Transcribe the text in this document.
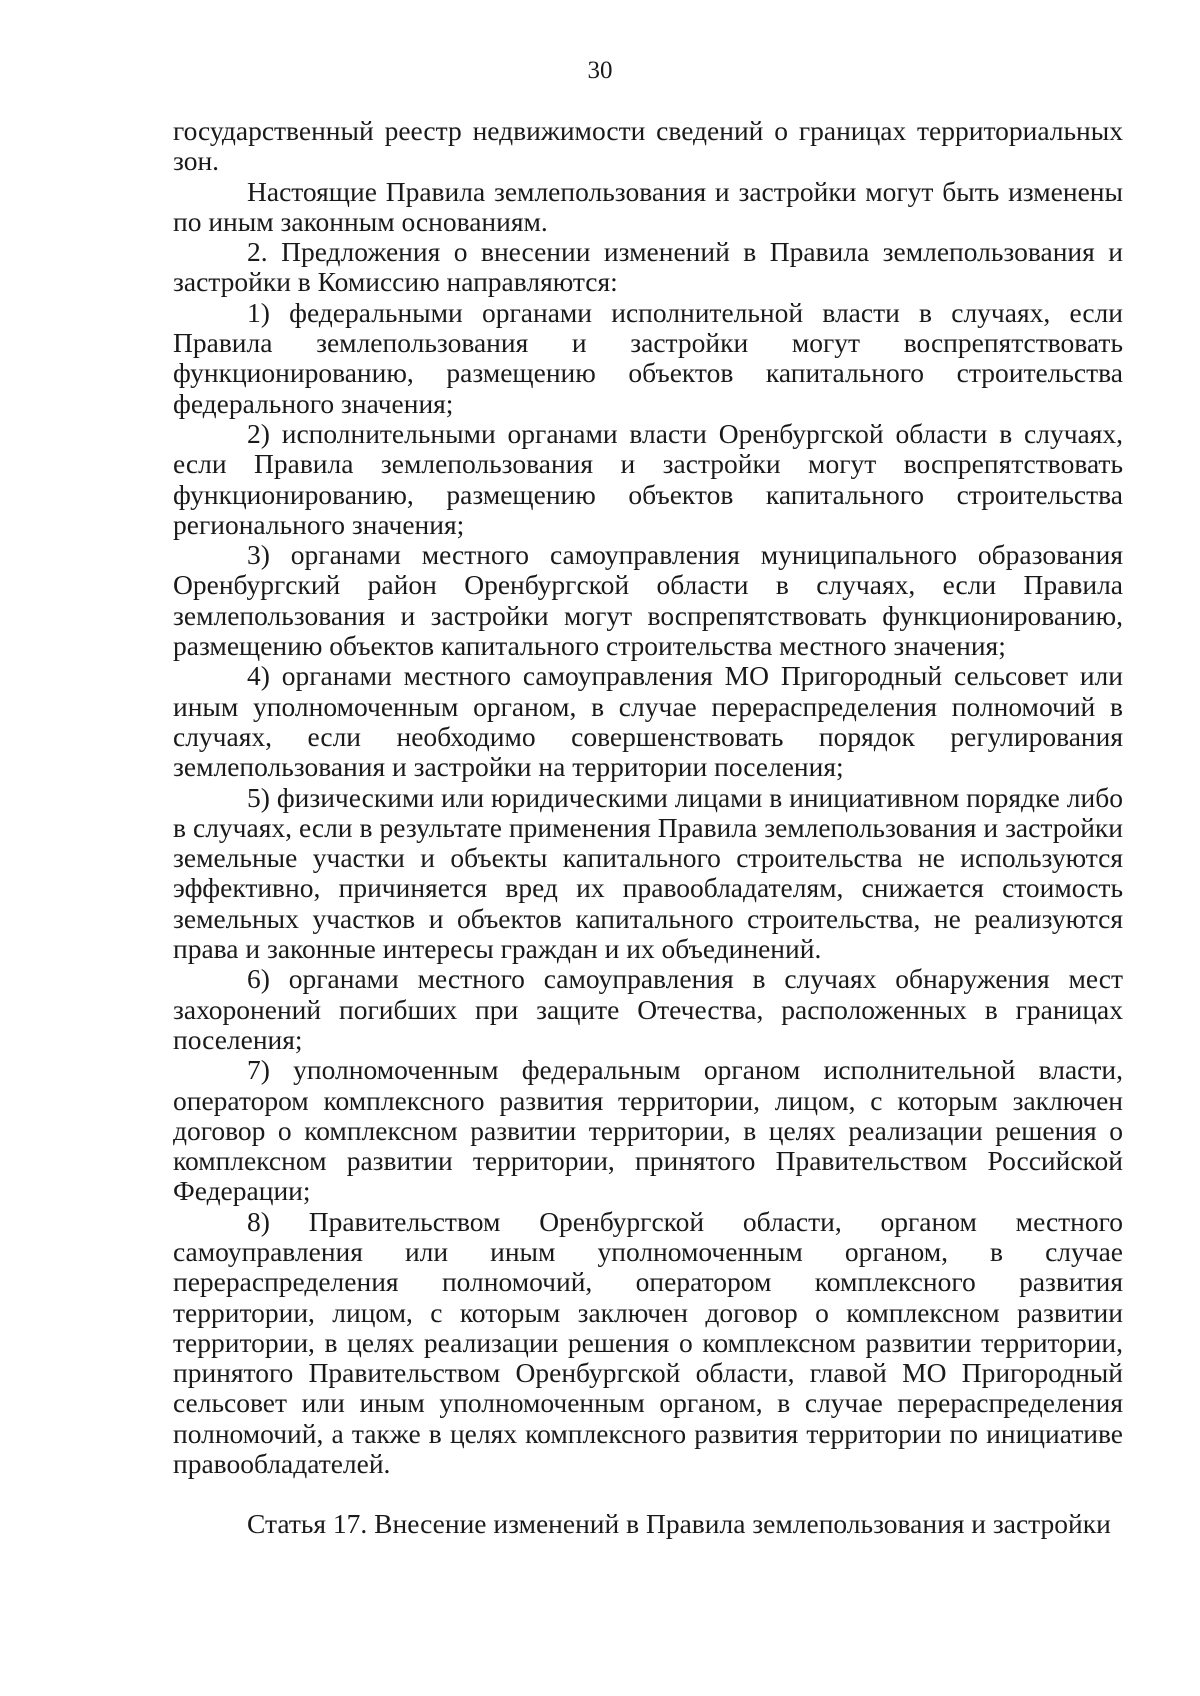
30

государственный реестр недвижимости сведений о границах территориальных зон.

Настоящие Правила землепользования и застройки могут быть изменены по иным законным основаниям.

2. Предложения о внесении изменений в Правила землепользования и застройки в Комиссию направляются:

1) федеральными органами исполнительной власти в случаях, если Правила землепользования и застройки могут воспрепятствовать функционированию, размещению объектов капитального строительства федерального значения;

2) исполнительными органами власти Оренбургской области в случаях, если Правила землепользования и застройки могут воспрепятствовать функционированию, размещению объектов капитального строительства регионального значения;

3) органами местного самоуправления муниципального образования Оренбургский район Оренбургской области в случаях, если Правила землепользования и застройки могут воспрепятствовать функционированию, размещению объектов капитального строительства местного значения;

4) органами местного самоуправления МО Пригородный сельсовет или иным уполномоченным органом, в случае перераспределения полномочий в случаях, если необходимо совершенствовать порядок регулирования землепользования и застройки на территории поселения;

5) физическими или юридическими лицами в инициативном порядке либо в случаях, если в результате применения Правила землепользования и застройки земельные участки и объекты капитального строительства не используются эффективно, причиняется вред их правообладателям, снижается стоимость земельных участков и объектов капитального строительства, не реализуются права и законные интересы граждан и их объединений.

6) органами местного самоуправления в случаях обнаружения мест захоронений погибших при защите Отечества, расположенных в границах поселения;

7) уполномоченным федеральным органом исполнительной власти, оператором комплексного развития территории, лицом, с которым заключен договор о комплексном развитии территории, в целях реализации решения о комплексном развитии территории, принятого Правительством Российской Федерации;

8) Правительством Оренбургской области, органом местного самоуправления или иным уполномоченным органом, в случае перераспределения полномочий, оператором комплексного развития территории, лицом, с которым заключен договор о комплексном развитии территории, в целях реализации решения о комплексном развитии территории, принятого Правительством Оренбургской области, главой МО Пригородный сельсовет или иным уполномоченным органом, в случае перераспределения полномочий, а также в целях комплексного развития территории по инициативе правообладателей.

Статья 17. Внесение изменений в Правила землепользования и застройки
